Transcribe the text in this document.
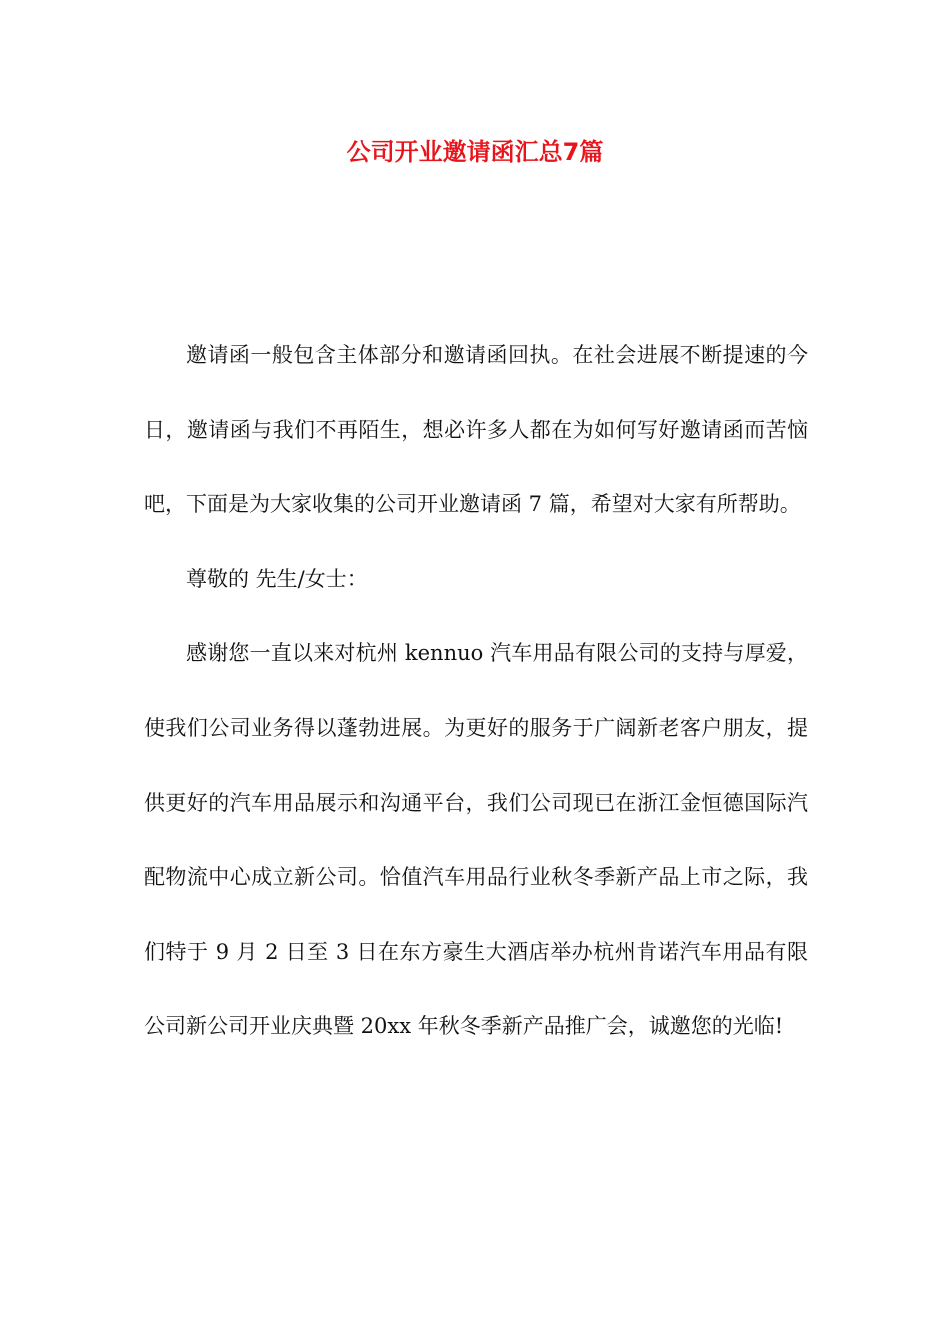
公司开业邀请函汇总7篇

邀请函一般包含主体部分和邀请函回执。在社会进展不断提速的今日，邀请函与我们不再陌生，想必许多人都在为如何写好邀请函而苦恼吧，下面是为大家收集的公司开业邀请函 7 篇，希望对大家有所帮助。

尊敬的 先生/女士：

感谢您一直以来对杭州 kennuo 汽车用品有限公司的支持与厚爱，使我们公司业务得以蓬勃进展。为更好的服务于广阔新老客户朋友，提供更好的汽车用品展示和沟通平台，我们公司现已在浙江金恒德国际汽配物流中心成立新公司。恰值汽车用品行业秋冬季新产品上市之际，我们特于 9 月 2 日至 3 日在东方豪生大酒店举办杭州肯诺汽车用品有限公司新公司开业庆典暨 20xx 年秋冬季新产品推广会，诚邀您的光临!
